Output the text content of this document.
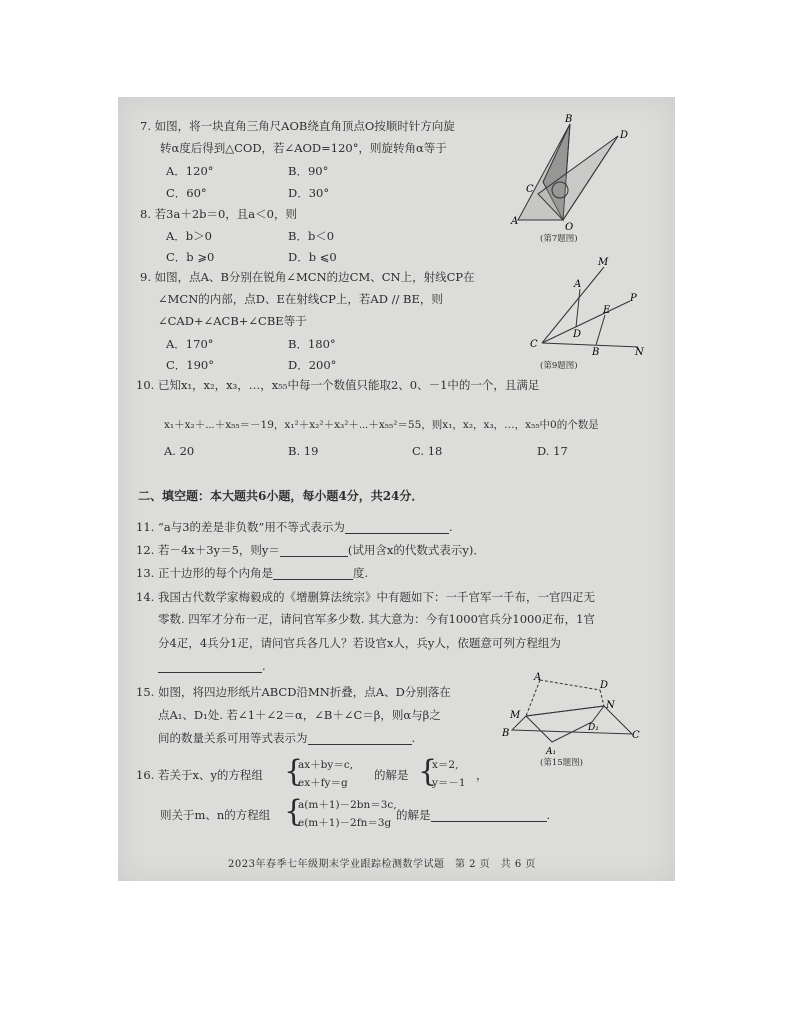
7. 如图，将一块直角三角尺AOB绕直角顶点O按顺时针方向旋
转α度后得到△COD，若∠AOD=120°，则旋转角α等于
A．120°	B．90°
C．60°	D．30°
B
D
C
A
O
(第7题图)
8. 若3a＋2b＝0，且a＜0，则
A．b＞0	B．b＜0
C．b ⩾0	D．b ⩽0
9. 如图，点A、B分别在锐角∠MCN的边CM、CN上，射线CP在
∠MCN的内部，点D、E在射线CP上，若AD // BE，则
∠CAD+∠ACB+∠CBE等于
A．170°	B．180°
C．190°	D．200°
M
A
P
E
C
D
B	N
(第9题图)
10. 已知x₁，x₂，x₃，…，x₅₅中每一个数值只能取2、0、－1中的一个，且满足
x₁＋x₂＋⋯＋x₅₅＝－19，x₁²＋x₂²＋x₃²＋⋯＋x₅₅²＝55，则x₁，x₂，x₃，…，x₅₅中0的个数是
A. 20	B. 19	C. 18	D. 17
二、填空题：本大题共6小题，每小题4分，共24分．
11. “a与3的差是非负数”用不等式表示为	.
12. 若－4x＋3y＝5，则y＝	(试用含x的代数式表示y)．
13. 正十边形的每个内角是	度.
14. 我国古代数学家梅毅成的《增删算法统宗》中有题如下：一千官军一千布，一官四疋无
零数. 四军才分布一疋，请问官军多少数. 其大意为：今有1000官兵分1000疋布，1官
分4疋，4兵分1疋，请问官兵各几人？若设官x人，兵y人，依题意可列方程组为
.
15. 如图，将四边形纸片ABCD沿MN折叠，点A、D分别落在
点A₁、D₁处. 若∠1＋∠2＝α，∠B＋∠C＝β，则α与β之
间的数量关系可用等式表示为	.
A
D
M
N
B	D₁
C
A₁
(第15题图)
16. 若关于x、y的方程组 {
ax＋by＝c,
ex＋fy＝g
的解是 {
x＝2,
y＝－1
，
则关于m、n的方程组 {
a(m＋1)－2bn＝3c,
e(m＋1)－2fn＝3g
的解是	.
2023年春季七年级期末学业跟踪检测数学试题　第 2 页　共 6 页
